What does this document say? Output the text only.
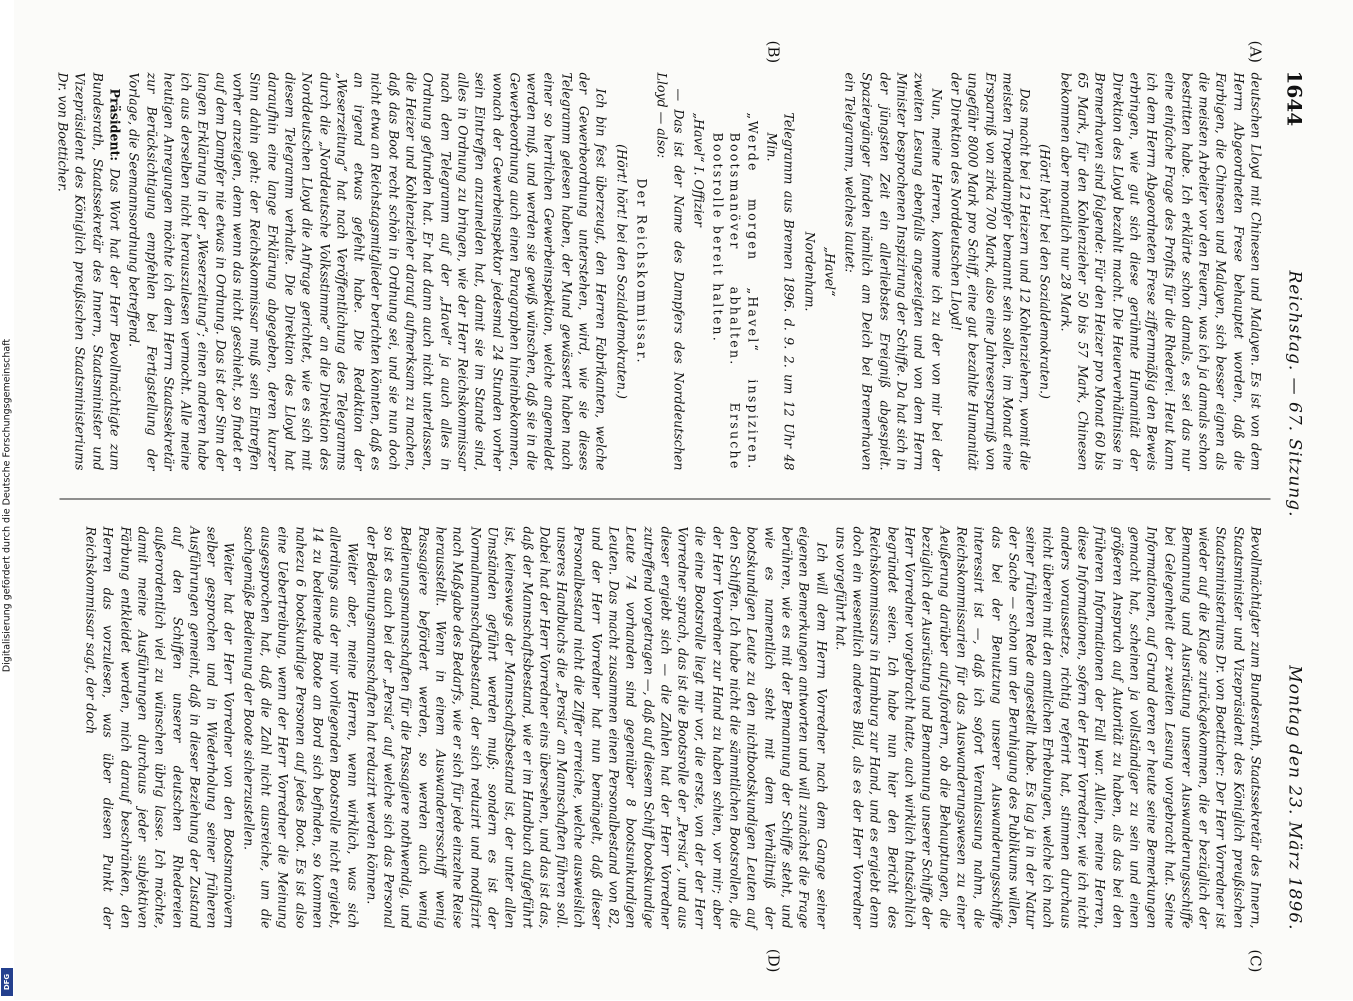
Digitalisierung gefördert durch die Deutsche Forschungsgemeinschaft
DFG
1644
Reichstag. — 67. Sitzung.
Montag den 23. März 1896.
(A)
(B)
(C)
(D)

deutschen Lloyd mit Chinesen und Malayen. Es ist von dem Herrn Abgeordneten Frese behauptet worden, daß die Farbigen, die Chinesen und Malayen, sich besser eignen als die meisten Arbeiter vor den Feuern, was ich ja damals schon bestritten habe. Ich erklärte schon damals, es sei das nur eine einfache Frage des Profits für die Rhederei. Heut kann ich dem Herrn Abgeordneten Frese ziffernmäßig den Beweis erbringen, wie gut sich diese gerühmte Humanität der Direktion des Lloyd bezahlt macht. Die Heuerverhältnisse in Bremerhaven sind folgende: Für den Heizer pro Monat 60 bis 65 Mark, für den Kohlenzieher 50 bis 57 Mark, Chinesen bekommen aber monatlich nur 28 Mark.

(Hört! hört! bei den Sozialdemokraten.)

Das macht bei 12 Heizern und 12 Kohlenziehern, womit die meisten Tropendampfer bemannt sein sollen, im Monat eine Ersparniß von zirka 700 Mark, also eine Jahresersparniß von ungefähr 8000 Mark pro Schiff, eine gut bezahlte Humanität der Direktion des Norddeutschen Lloyd!

Nun, meine Herren, komme ich zu der von mir bei der zweiten Lesung ebenfalls angezeigten und von dem Herrn Minister besprochenen Inspizirung der Schiffe. Da hat sich in der jüngsten Zeit ein allerliebstes Ereigniß abgespielt. Spaziergänger fanden nämlich am Deich bei Bremerhaven ein Telegramm, welches lautet:

„Havel“

Nordenham.

Telegramm aus Bremen 1896. d. 9. 2. um 12 Uhr 48 Min.

„Werde morgen „Havel“ inspiziren. Bootsmanöver abhalten. Ersuche Bootsrolle bereit halten.

„Havel“ I. Offizier

— Das ist der Name des Dampfers des Norddeutschen Lloyd — also:

Der Reichskommissar.

(Hört! hört! bei den Sozialdemokraten.)

Ich bin fest überzeugt, den Herren Fabrikanten, welche der Gewerbeordnung unterstehen, wird, wie sie dieses Telegramm gelesen haben, der Mund gewässert haben nach einer so herrlichen Gewerbeinspektion, welche angemeldet werden muß, und werden sie gewiß wünschen, daß sie in die Gewerbeordnung auch einen Paragraphen hineinbekommen, wonach der Gewerbeinspektor jedesmal 24 Stunden vorher sein Eintreffen anzumelden hat, damit sie im Stande sind, alles in Ordnung zu bringen, wie der Herr Reichskommissar nach dem Telegramm auf der „Havel“ ja auch alles in Ordnung gefunden hat. Er hat dann auch nicht unterlassen, die Heizer und Kohlenzieher darauf aufmerksam zu machen, daß das Boot recht schön in Ordnung sei, und sie nun doch nicht etwa an Reichstagsmitglieder berichten könnten, daß es an irgend etwas gefehlt habe. Die Redaktion der „Weserzeitung“ hat nach Veröffentlichung des Telegramms durch die „Norddeutsche Volksstimme“ an die Direktion des Norddeutschen Lloyd die Anfrage gerichtet, wie es sich mit diesem Telegramm verhalte. Die Direktion des Lloyd hat daraufhin eine lange Erklärung abgegeben, deren kurzer Sinn dahin geht: der Reichskommissar muß sein Eintreffen vorher anzeigen, denn wenn das nicht geschieht, so findet er auf dem Dampfer nie etwas in Ordnung. Das ist der Sinn der langen Erklärung in der „Weserzeitung“; einen anderen habe ich aus derselben nicht herauszulesen vermocht. Alle meine heutigen Anregungen möchte ich dem Herrn Staatssekretär zur Berücksichtigung empfehlen bei Fertigstellung der Vorlage, die Seemannsordnung betreffend.

Präsident: Das Wort hat der Herr Bevollmächtigte zum Bundesrath, Staatssekretär des Innern, Staatsminister und Vizepräsident des Königlich preußischen Staatsministeriums Dr. von Boetticher.

Bevollmächtigter zum Bundesrath, Staatssekretär des Innern, Staatsminister und Vizepräsident des Königlich preußischen Staatsministeriums Dr. von Boetticher: Der Herr Vorredner ist wieder auf die Klage zurückgekommen, die er bezüglich der Bemannung und Ausrüstung unserer Auswanderungsschiffe bei Gelegenheit der zweiten Lesung vorgebracht hat. Seine Informationen, auf Grund deren er heute seine Bemerkungen gemacht hat, scheinen ja vollständiger zu sein und einen größeren Anspruch auf Autorität zu haben, als das bei den früheren Informationen der Fall war. Allein, meine Herren, diese Informationen, sofern der Herr Vorredner, wie ich nicht anders voraussetze, richtig referirt hat, stimmen durchaus nicht überein mit den amtlichen Erhebungen, welche ich nach seiner früheren Rede angestellt habe. Es lag ja in der Natur der Sache — schon um der Beruhigung des Publikums willen, das bei der Benutzung unserer Auswanderungsschiffe interessirt ist —, daß ich sofort Veranlassung nahm, die Reichskommissarien für das Auswanderungswesen zu einer Aeußerung darüber aufzufordern, ob die Behauptungen, die bezüglich der Ausrüstung und Bemannung unserer Schiffe der Herr Vorredner vorgebracht hatte, auch wirklich thatsächlich begründet seien. Ich habe nun hier den Bericht des Reichskommissars in Hamburg zur Hand, und es ergiebt denn doch ein wesentlich anderes Bild, als es der Herr Vorredner uns vorgeführt hat.

Ich will dem Herrn Vorredner nach dem Gange seiner eigenen Bemerkungen antworten und will zunächst die Frage berühren, wie es mit der Bemannung der Schiffe steht, und wie es namentlich steht mit dem Verhältniß der bootskundigen Leute zu den nichtbootskundigen Leuten auf den Schiffen. Ich habe nicht die sämmtlichen Bootsrollen, die der Herr Vorredner zur Hand zu haben schien, vor mir; aber die eine Bootsrolle liegt mir vor, die erste, von der der Herr Vorredner sprach, das ist die Bootsrolle der „Persia“, und aus dieser ergiebt sich — die Zahlen hat der Herr Vorredner zutreffend vorgetragen —, daß auf diesem Schiff bootskundige Leute 74 vorhanden sind gegenüber 8 bootsunkundigen Leuten. Das macht zusammen einen Personalbestand von 82, und der Herr Vorredner hat nun bemängelt, daß dieser Personalbestand nicht die Ziffer erreiche, welche ausweislich unseres Handbuchs die „Persia“ an Mannschaften führen soll. Dabei hat der Herr Vorredner eins übersehen, und das ist das, daß der Mannschaftsbestand, wie er im Handbuch aufgeführt ist, keineswegs der Mannschaftsbestand ist, der unter allen Umständen geführt werden muß; sondern es ist der Normalmannschaftsbestand, der sich reduzirt und modifizirt nach Maßgabe des Bedarfs, wie er sich für jede einzelne Reise herausstellt. Wenn in einem Auswanderersschiff wenig Passagiere befördert werden, so werden auch wenig Bedienungsmannschaften für die Passagiere nothwendig, und so ist es auch bei der „Persia“ auf welche sich das Personal der Bedienungsmannschaften hat reduzirt werden können.

Weiter aber, meine Herren, wenn wirklich, was sich allerdings aus der mir vorliegenden Bootsrolle nicht ergiebt, 14 zu bedienende Boote an Bord sich befinden, so kommen nahezu 6 bootskundige Personen auf jedes Boot. Es ist also eine Uebertreibung, wenn der Herr Vorredner die Meinung ausgesprochen hat, daß die Zahl nicht ausreiche, um die sachgemäße Bedienung der Boote sicherzustellen.

Weiter hat der Herr Vorredner von den Bootsmanövern selber gesprochen und in Wiederholung seiner früheren Ausführungen gemeint, daß in dieser Beziehung der Zustand auf den Schiffen unserer deutschen Rhedereien außerordentlich viel zu wünschen übrig lasse. Ich möchte, damit meine Ausführungen durchaus jeder subjektiven Färbung entkleidet werden, mich darauf beschränken, den Herren das vorzulesen, was über diesen Punkt der Reichskommissar sagt, der doch
